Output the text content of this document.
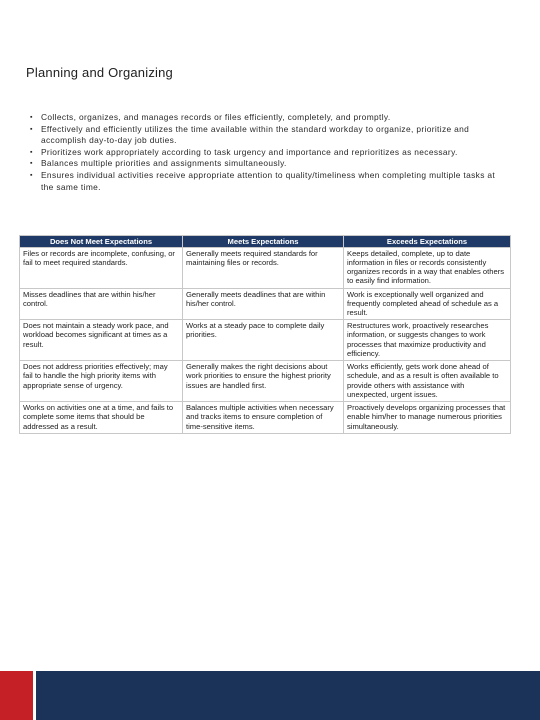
Planning and Organizing
▪ Collects, organizes, and manages records or files efficiently, completely, and promptly.
▪ Effectively and efficiently utilizes the time available within the standard workday to organize, prioritize and accomplish day-to-day job duties.
▪ Prioritizes work appropriately according to task urgency and importance and reprioritizes as necessary.
▪ Balances multiple priorities and assignments simultaneously.
▪ Ensures individual activities receive appropriate attention to quality/timeliness when completing multiple tasks at the same time.
Does Not Meet Expectations	Meets Expectations	Exceeds Expectations
Files or records are incomplete, confusing, or fail to meet required standards.	Generally meets required standards for maintaining files or records.	Keeps detailed, complete, up to date information in files or records consistently organizes records in a way that enables others to easily find information.
Misses deadlines that are within his/her control.	Generally meets deadlines that are within his/her control.	Work is exceptionally well organized and frequently completed ahead of schedule as a result.
Does not maintain a steady work pace, and workload becomes significant at times as a result.	Works at a steady pace to complete daily priorities.	Restructures work, proactively researches information, or suggests changes to work processes that maximize productivity and efficiency.
Does not address priorities effectively; may fail to handle the high priority items with appropriate sense of urgency.	Generally makes the right decisions about work priorities to ensure the highest priority issues are handled first.	Works efficiently, gets work done ahead of schedule, and as a result is often available to provide others with assistance with unexpected, urgent issues.
Works on activities one at a time, and fails to complete some items that should be addressed as a result.	Balances multiple activities when necessary and tracks items to ensure completion of time-sensitive items.	Proactively develops organizing processes that enable him/her to manage numerous priorities simultaneously.
